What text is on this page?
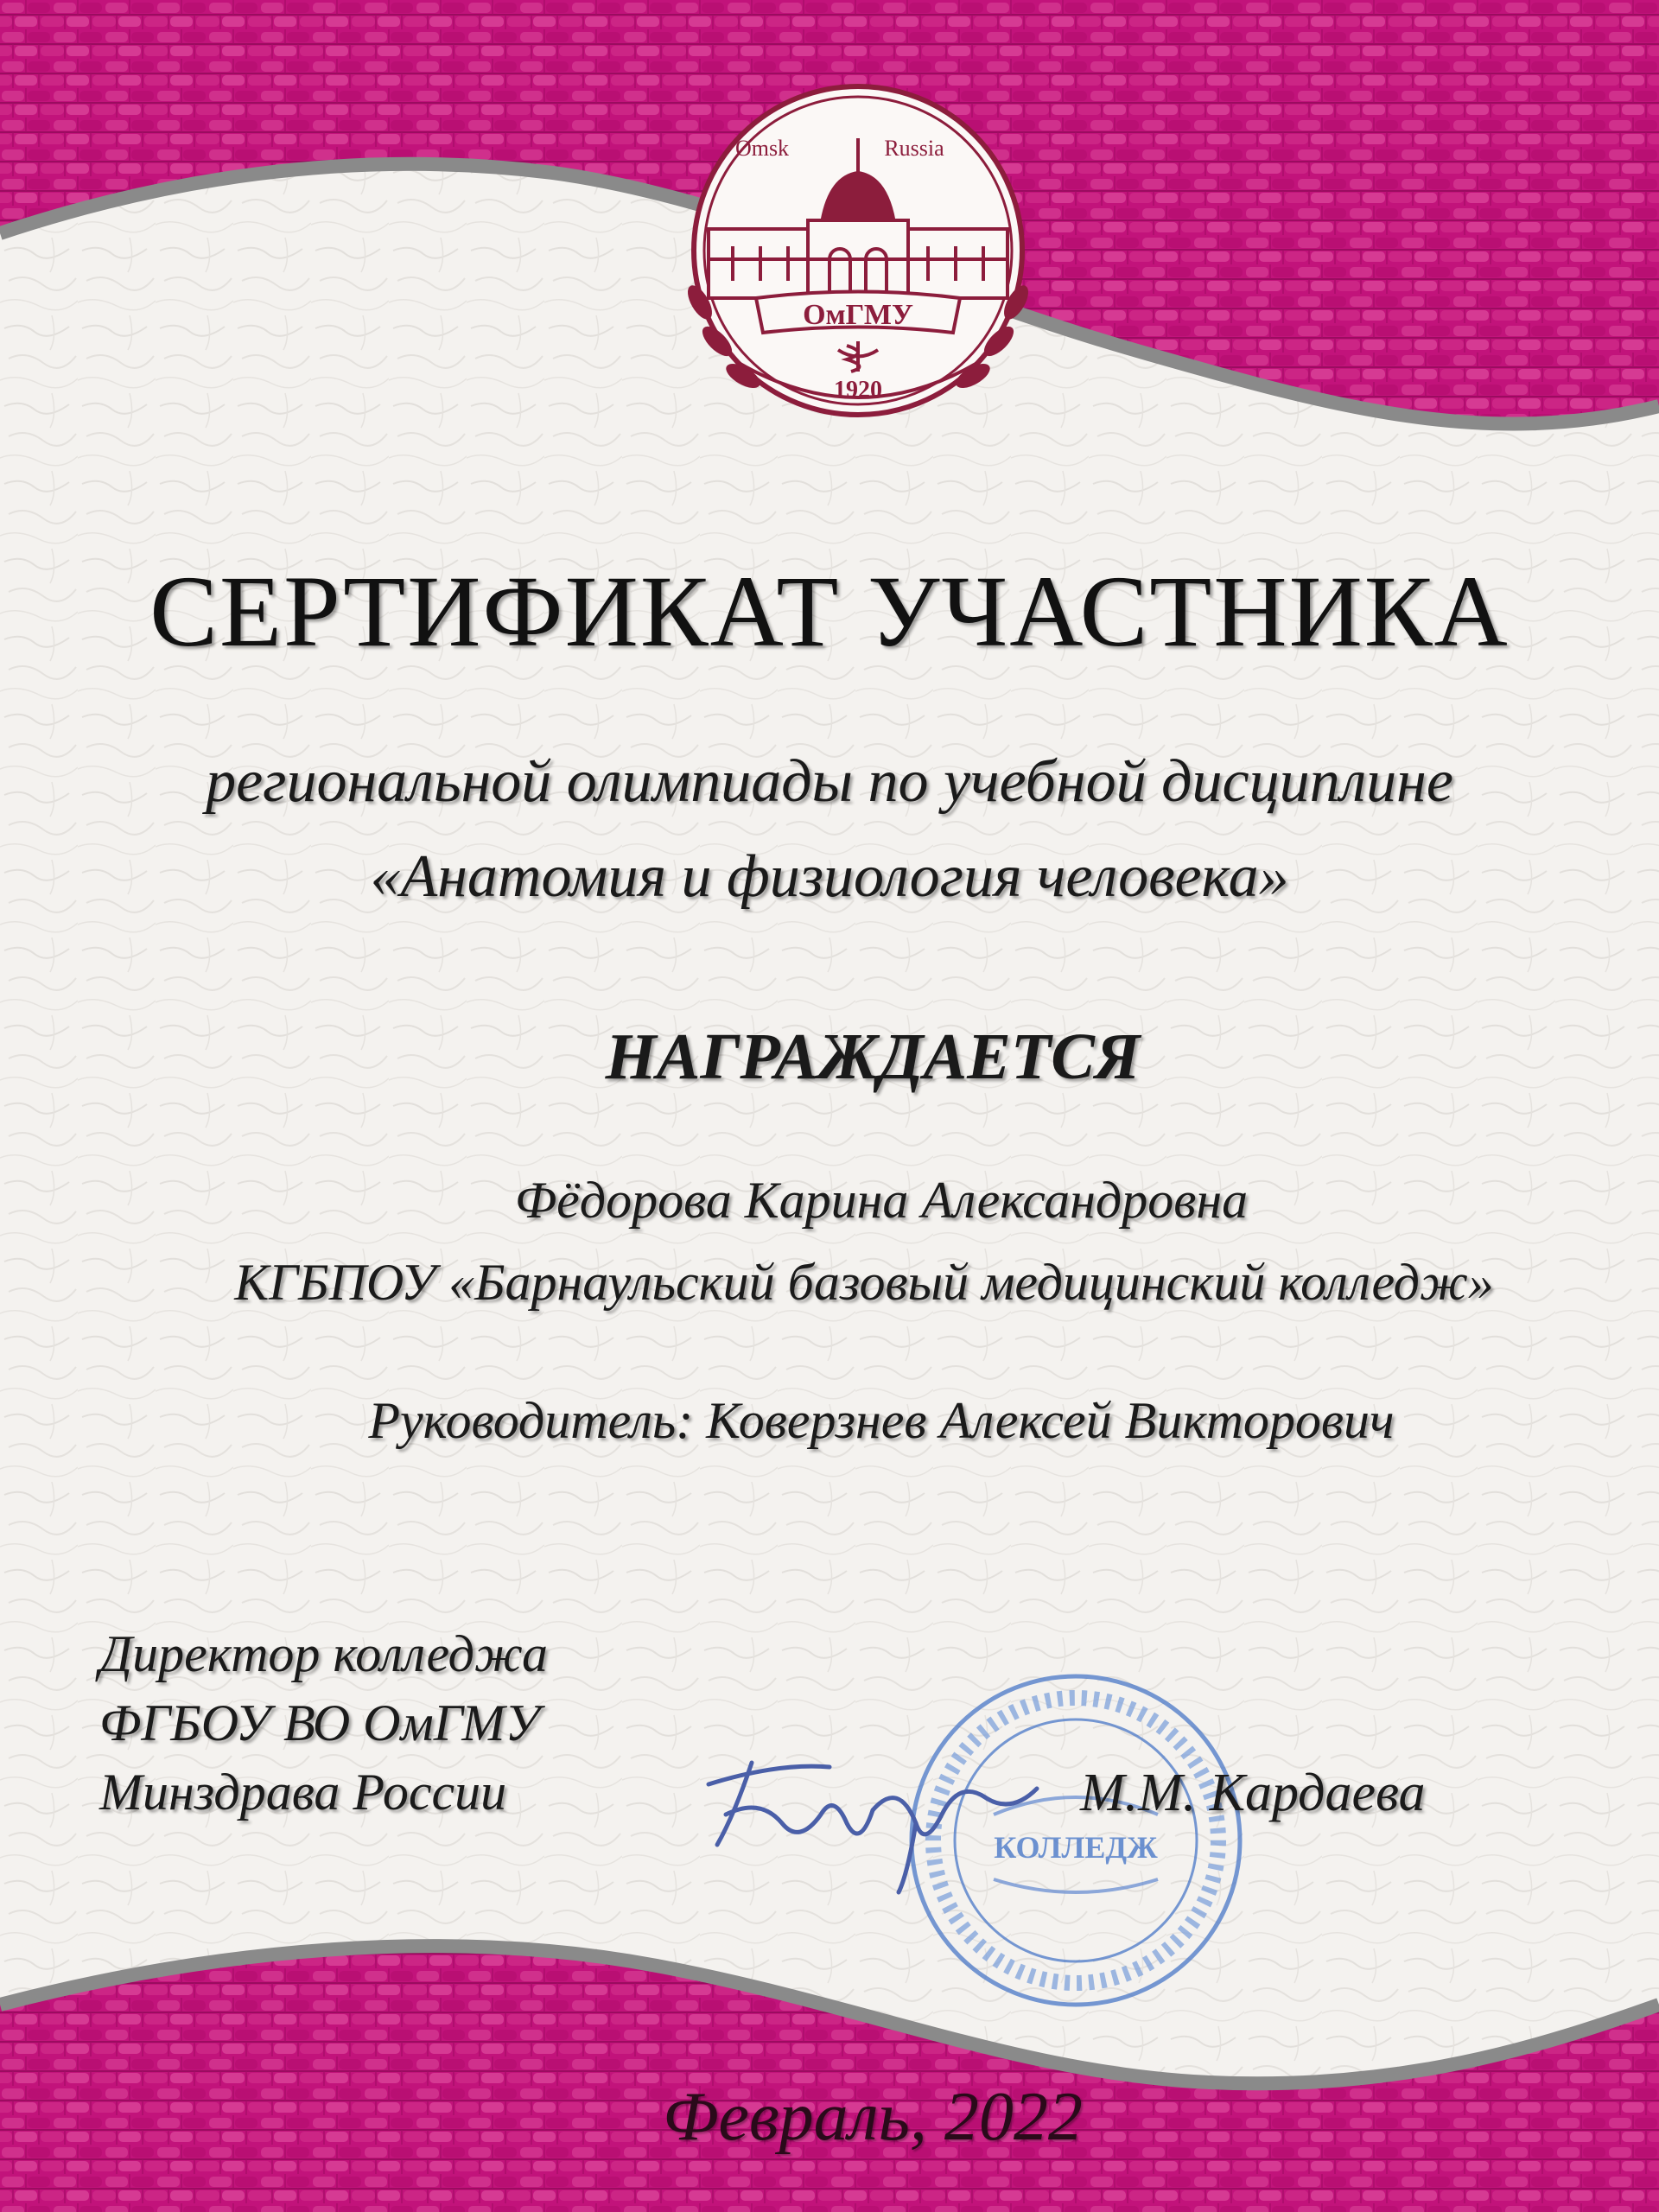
Omsk	Russia
ОмГМУ
1920
СЕРТИФИКАТ УЧАСТНИКА
региональной олимпиады по учебной дисциплине
«Анатомия и физиология человека»
НАГРАЖДАЕТСЯ
Фёдорова Карина Александровна
КГБПОУ «Барнаульский базовый медицинский колледж»
Руководитель: Коверзнев Алексей Викторович
Директор колледжа
ФГБОУ ВО ОмГМУ
Минздрава России
КОЛЛЕДЖ
М.М. Кардаева
Февраль, 2022
